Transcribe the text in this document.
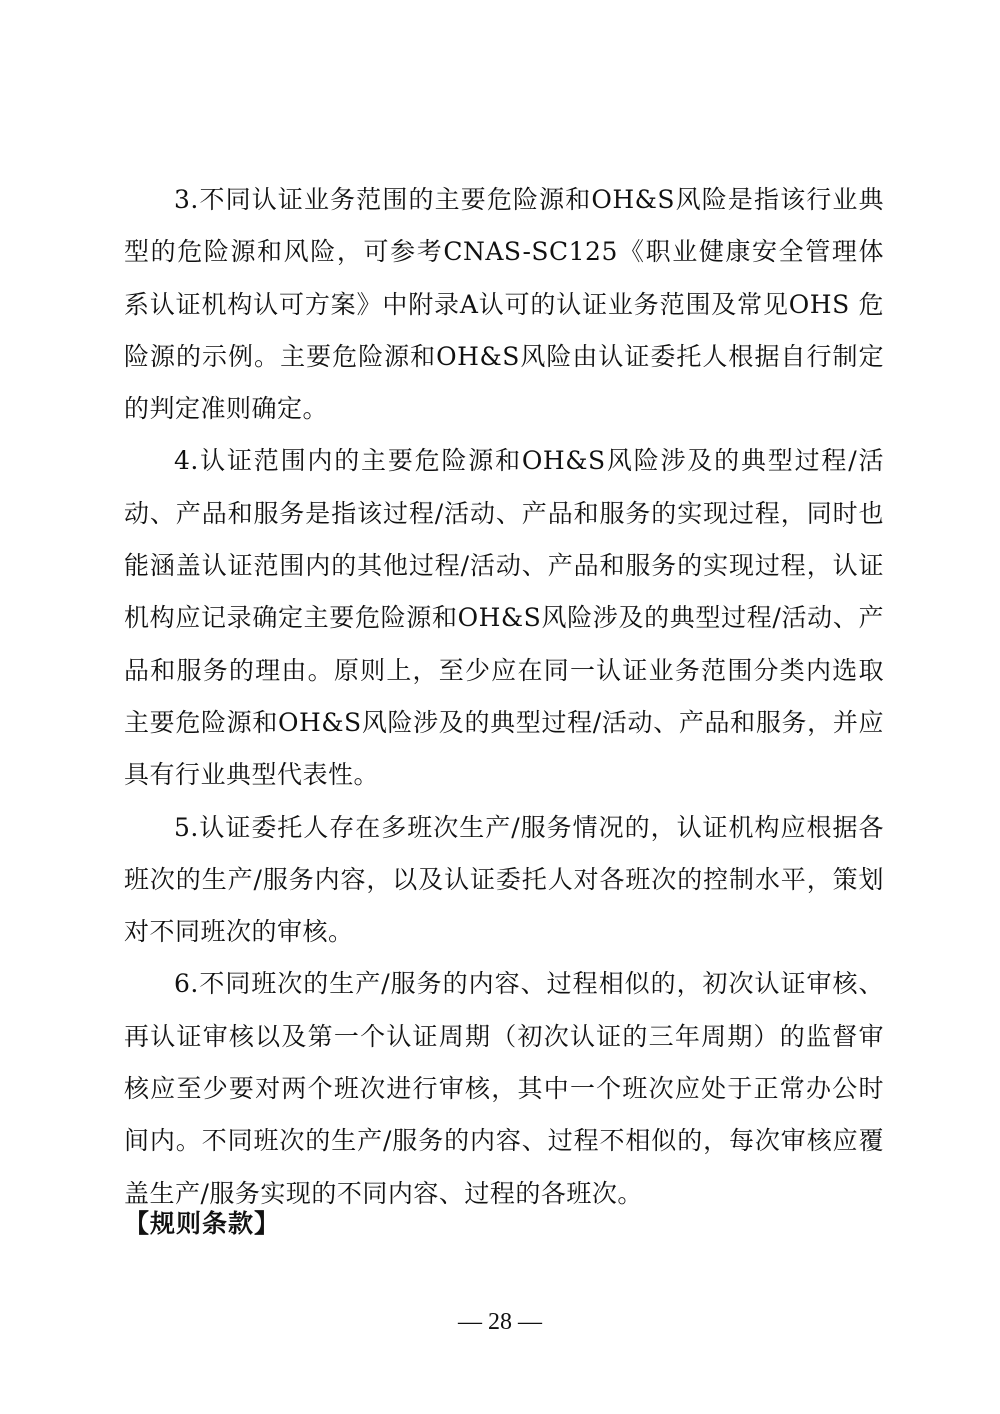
3.不同认证业务范围的主要危险源和OH&S风险是指该行业典型的危险源和风险，可参考CNAS-SC125《职业健康安全管理体系认证机构认可方案》中附录A认可的认证业务范围及常见OHS 危险源的示例。主要危险源和OH&S风险由认证委托人根据自行制定的判定准则确定。

4.认证范围内的主要危险源和OH&S风险涉及的典型过程/活动、产品和服务是指该过程/活动、产品和服务的实现过程，同时也能涵盖认证范围内的其他过程/活动、产品和服务的实现过程，认证机构应记录确定主要危险源和OH&S风险涉及的典型过程/活动、产品和服务的理由。原则上，至少应在同一认证业务范围分类内选取主要危险源和OH&S风险涉及的典型过程/活动、产品和服务，并应具有行业典型代表性。

5.认证委托人存在多班次生产/服务情况的，认证机构应根据各班次的生产/服务内容，以及认证委托人对各班次的控制水平，策划对不同班次的审核。

6.不同班次的生产/服务的内容、过程相似的，初次认证审核、再认证审核以及第一个认证周期（初次认证的三年周期）的监督审核应至少要对两个班次进行审核，其中一个班次应处于正常办公时间内。不同班次的生产/服务的内容、过程不相似的，每次审核应覆盖生产/服务实现的不同内容、过程的各班次。

【规则条款】
— 28 —
